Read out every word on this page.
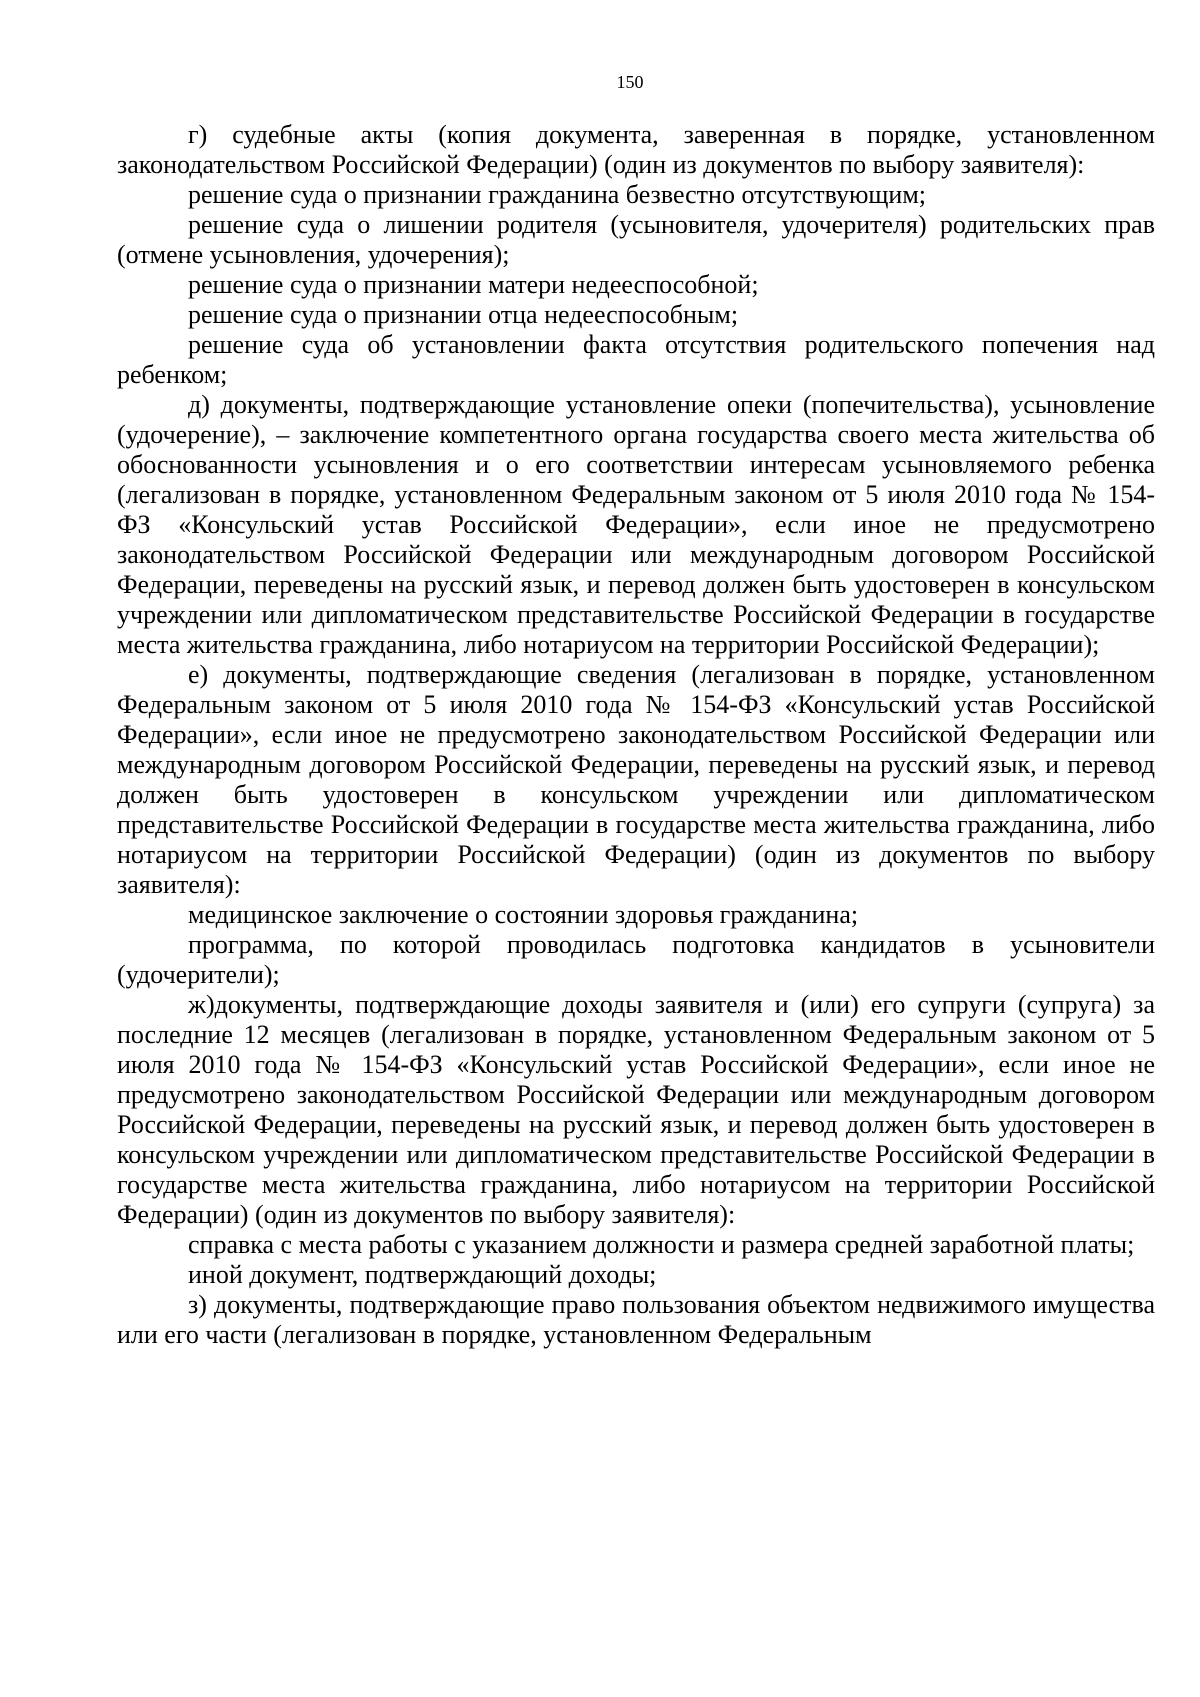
150

г) судебные акты (копия документа, заверенная в порядке, установленном законодательством Российской Федерации) (один из документов по выбору заявителя):

решение суда о признании гражданина безвестно отсутствующим;

решение суда о лишении родителя (усыновителя, удочерителя) родительских прав (отмене усыновления, удочерения);

решение суда о признании матери недееспособной;

решение суда о признании отца недееспособным;

решение суда об установлении факта отсутствия родительского попечения над ребенком;

д) документы, подтверждающие установление опеки (попечительства), усыновление (удочерение), – заключение компетентного органа государства своего места жительства об обоснованности усыновления и о его соответствии интересам усыновляемого ребенка (легализован в порядке, установленном Федеральным законом от 5 июля 2010 года № 154-ФЗ «Консульский устав Российской Федерации», если иное не предусмотрено законодательством Российской Федерации или международным договором Российской Федерации, переведены на русский язык, и перевод должен быть удостоверен в консульском учреждении или дипломатическом представительстве Российской Федерации в государстве места жительства гражданина, либо нотариусом на территории Российской Федерации);

е) документы, подтверждающие сведения (легализован в порядке, установленном Федеральным законом от 5 июля 2010 года № 154-ФЗ «Консульский устав Российской Федерации», если иное не предусмотрено законодательством Российской Федерации или международным договором Российской Федерации, переведены на русский язык, и перевод должен быть удостоверен в консульском учреждении или дипломатическом представительстве Российской Федерации в государстве места жительства гражданина, либо нотариусом на территории Российской Федерации) (один из документов по выбору заявителя):

медицинское заключение о состоянии здоровья гражданина;

программа, по которой проводилась подготовка кандидатов в усыновители (удочерители);

ж)документы, подтверждающие доходы заявителя и (или) его супруги (супруга) за последние 12 месяцев (легализован в порядке, установленном Федеральным законом от 5 июля 2010 года № 154-ФЗ «Консульский устав Российской Федерации», если иное не предусмотрено законодательством Российской Федерации или международным договором Российской Федерации, переведены на русский язык, и перевод должен быть удостоверен в консульском учреждении или дипломатическом представительстве Российской Федерации в государстве места жительства гражданина, либо нотариусом на территории Российской Федерации) (один из документов по выбору заявителя):

справка с места работы с указанием должности и размера средней заработной платы;

иной документ, подтверждающий доходы;

з) документы, подтверждающие право пользования объектом недвижимого имущества или его части (легализован в порядке, установленном Федеральным
